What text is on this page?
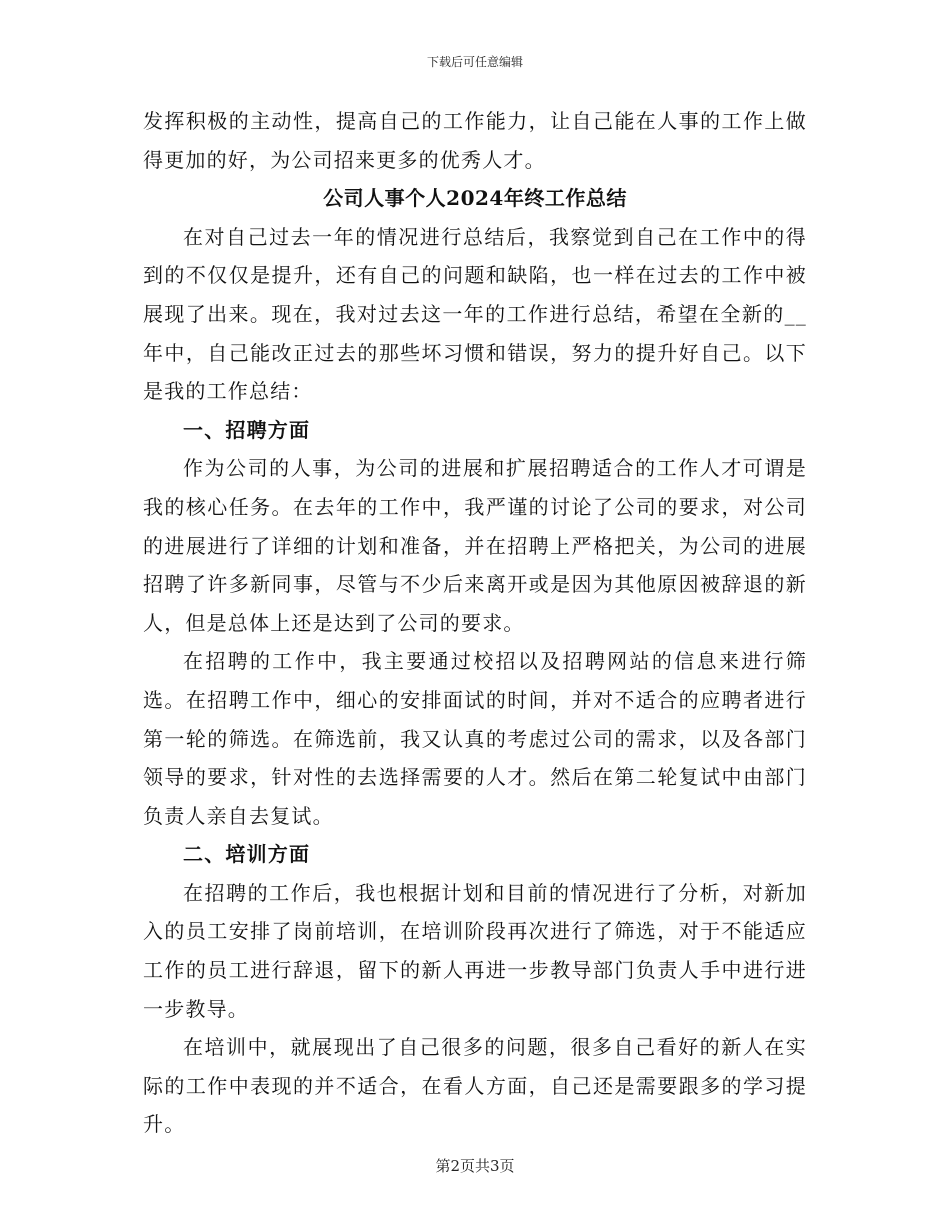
下载后可任意编辑

发挥积极的主动性，提高自己的工作能力，让自己能在人事的工作上做得更加的好，为公司招来更多的优秀人才。

公司人事个人2024年终工作总结

在对自己过去一年的情况进行总结后，我察觉到自己在工作中的得到的不仅仅是提升，还有自己的问题和缺陷，也一样在过去的工作中被展现了出来。现在，我对过去这一年的工作进行总结，希望在全新的__年中，自己能改正过去的那些坏习惯和错误，努力的提升好自己。以下是我的工作总结：

一、招聘方面

作为公司的人事，为公司的进展和扩展招聘适合的工作人才可谓是我的核心任务。在去年的工作中，我严谨的讨论了公司的要求，对公司的进展进行了详细的计划和准备，并在招聘上严格把关，为公司的进展招聘了许多新同事，尽管与不少后来离开或是因为其他原因被辞退的新人，但是总体上还是达到了公司的要求。

在招聘的工作中，我主要通过校招以及招聘网站的信息来进行筛选。在招聘工作中，细心的安排面试的时间，并对不适合的应聘者进行第一轮的筛选。在筛选前，我又认真的考虑过公司的需求，以及各部门领导的要求，针对性的去选择需要的人才。然后在第二轮复试中由部门负责人亲自去复试。

二、培训方面

在招聘的工作后，我也根据计划和目前的情况进行了分析，对新加入的员工安排了岗前培训，在培训阶段再次进行了筛选，对于不能适应工作的员工进行辞退，留下的新人再进一步教导部门负责人手中进行进一步教导。

在培训中，就展现出了自己很多的问题，很多自己看好的新人在实际的工作中表现的并不适合，在看人方面，自己还是需要跟多的学习提升。

第2页共3页
